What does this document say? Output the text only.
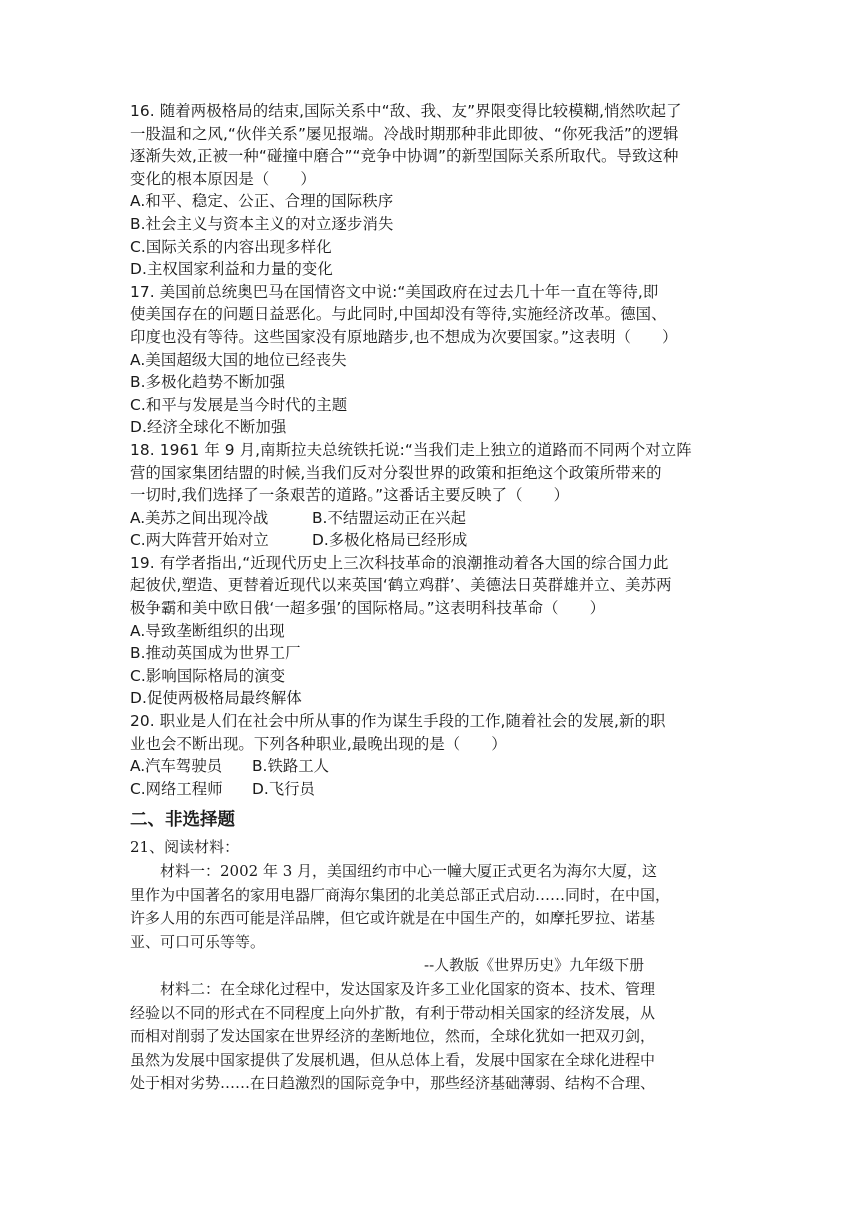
16. 随着两极格局的结束,国际关系中“敌、我、友”界限变得比较模糊,悄然吹起了
一股温和之风,“伙伴关系”屡见报端。冷战时期那种非此即彼、“你死我活”的逻辑
逐渐失效,正被一种“碰撞中磨合”“竞争中协调”的新型国际关系所取代。导致这种
变化的根本原因是（　　）
A.和平、稳定、公正、合理的国际秩序
B.社会主义与资本主义的对立逐步消失
C.国际关系的内容出现多样化
D.主权国家利益和力量的变化
17. 美国前总统奥巴马在国情咨文中说:“美国政府在过去几十年一直在等待,即
使美国存在的问题日益恶化。与此同时,中国却没有等待,实施经济改革。德国、
印度也没有等待。这些国家没有原地踏步,也不想成为次要国家。”这表明（　　）
A.美国超级大国的地位已经丧失
B.多极化趋势不断加强
C.和平与发展是当今时代的主题
D.经济全球化不断加强
18. 1961 年 9 月,南斯拉夫总统铁托说:“当我们走上独立的道路而不同两个对立阵
营的国家集团结盟的时候,当我们反对分裂世界的政策和拒绝这个政策所带来的
一切时,我们选择了一条艰苦的道路。”这番话主要反映了（　　）
A.美苏之间出现冷战	B.不结盟运动正在兴起
C.两大阵营开始对立	D.多极化格局已经形成
19. 有学者指出,“近现代历史上三次科技革命的浪潮推动着各大国的综合国力此
起彼伏,塑造、更替着近现代以来英国‘鹤立鸡群’、美德法日英群雄并立、美苏两
极争霸和美中欧日俄‘一超多强’的国际格局。”这表明科技革命（　　）
A.导致垄断组织的出现
B.推动英国成为世界工厂
C.影响国际格局的演变
D.促使两极格局最终解体
20. 职业是人们在社会中所从事的作为谋生手段的工作,随着社会的发展,新的职
业也会不断出现。下列各种职业,最晚出现的是（　　）
A.汽车驾驶员	B.铁路工人
C.网络工程师	D.飞行员
二、非选择题
21、阅读材料：
材料一：2002 年 3 月，美国纽约市中心一幢大厦正式更名为海尔大厦，这
里作为中国著名的家用电器厂商海尔集团的北美总部正式启动……同时，在中国，
许多人用的东西可能是洋品牌，但它或许就是在中国生产的，如摩托罗拉、诺基
亚、可口可乐等等。
--人教版《世界历史》九年级下册
材料二：在全球化过程中，发达国家及许多工业化国家的资本、技术、管理
经验以不同的形式在不同程度上向外扩散，有利于带动相关国家的经济发展，从
而相对削弱了发达国家在世界经济的垄断地位，然而，全球化犹如一把双刃剑，
虽然为发展中国家提供了发展机遇，但从总体上看，发展中国家在全球化进程中
处于相对劣势……在日趋激烈的国际竞争中，那些经济基础薄弱、结构不合理、
